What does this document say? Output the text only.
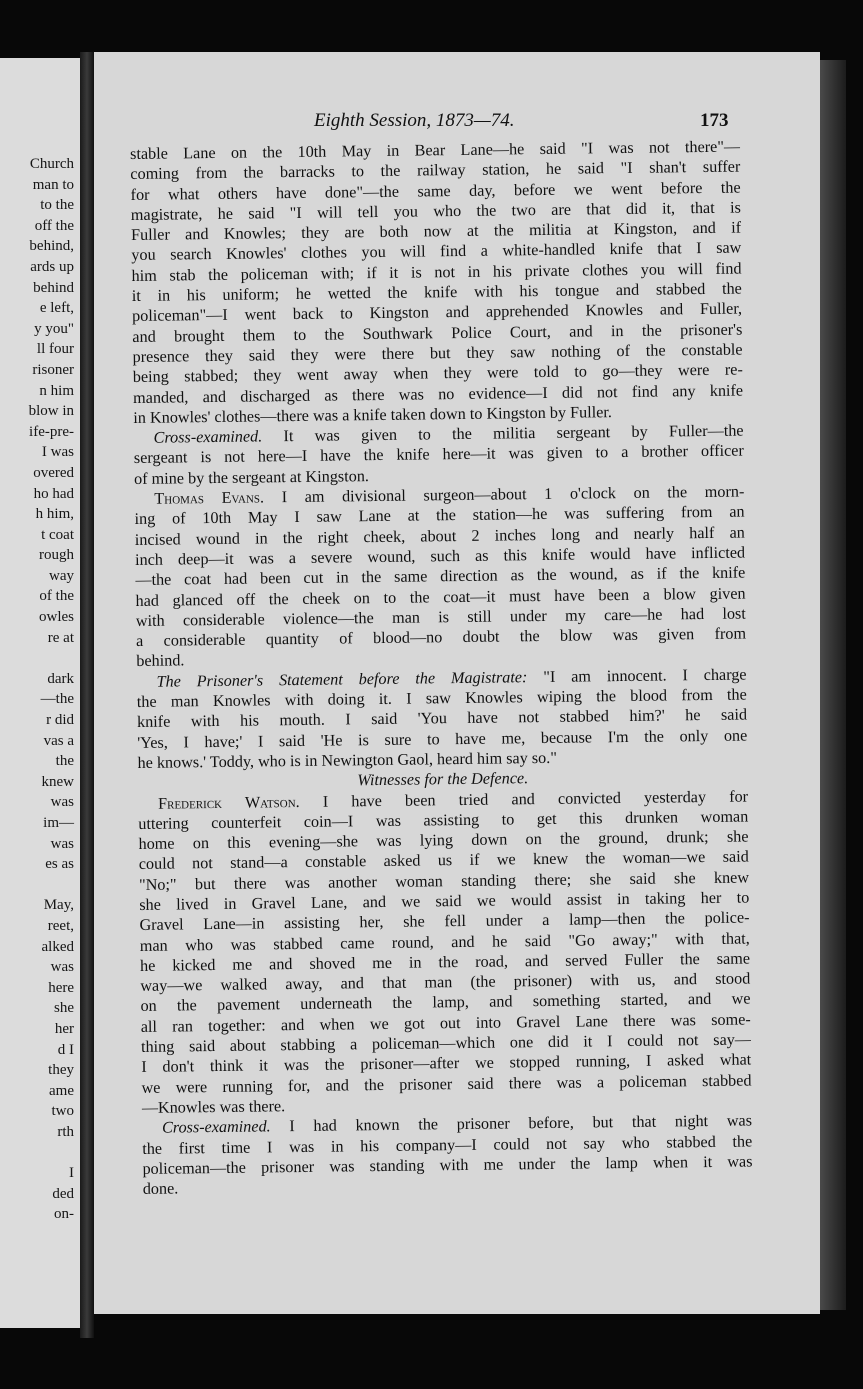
Church
man to
to the
off the
behind,
ards up
behind
e left,
y you"
ll four
risoner
n him
blow in
ife-pre-
I was
overed
ho had
h him,
t coat
rough
way
of the
owles
re at
dark
—the
r did
vas a
the
knew
was
im—
was
es as
May,
reet,
alked
was
here
she
her
d I
they
ame
two
rth
I
ded
on-
Eighth Session, 1873—74.	173
stable Lane on the 10th May in Bear Lane—he said "I was not there"—
coming from the barracks to the railway station, he said "I shan't suffer
for what others have done"—the same day, before we went before the
magistrate, he said "I will tell you who the two are that did it, that is
Fuller and Knowles; they are both now at the militia at Kingston, and if
you search Knowles' clothes you will find a white-handled knife that I saw
him stab the policeman with; if it is not in his private clothes you will find
it in his uniform; he wetted the knife with his tongue and stabbed the
policeman"—I went back to Kingston and apprehended Knowles and Fuller,
and brought them to the Southwark Police Court, and in the prisoner's
presence they said they were there but they saw nothing of the constable
being stabbed; they went away when they were told to go—they were re-
manded, and discharged as there was no evidence—I did not find any knife
in Knowles' clothes—there was a knife taken down to Kingston by Fuller.
Cross-examined. It was given to the militia sergeant by Fuller—the
sergeant is not here—I have the knife here—it was given to a brother officer
of mine by the sergeant at Kingston.
Thomas Evans. I am divisional surgeon—about 1 o'clock on the morn-
ing of 10th May I saw Lane at the station—he was suffering from an
incised wound in the right cheek, about 2 inches long and nearly half an
inch deep—it was a severe wound, such as this knife would have inflicted
—the coat had been cut in the same direction as the wound, as if the knife
had glanced off the cheek on to the coat—it must have been a blow given
with considerable violence—the man is still under my care—he had lost
a considerable quantity of blood—no doubt the blow was given from
behind.
The Prisoner's Statement before the Magistrate: "I am innocent. I charge
the man Knowles with doing it. I saw Knowles wiping the blood from the
knife with his mouth. I said 'You have not stabbed him?' he said
'Yes, I have;' I said 'He is sure to have me, because I'm the only one
he knows.' Toddy, who is in Newington Gaol, heard him say so."
Witnesses for the Defence.
Frederick Watson. I have been tried and convicted yesterday for
uttering counterfeit coin—I was assisting to get this drunken woman
home on this evening—she was lying down on the ground, drunk; she
could not stand—a constable asked us if we knew the woman—we said
"No;" but there was another woman standing there; she said she knew
she lived in Gravel Lane, and we said we would assist in taking her to
Gravel Lane—in assisting her, she fell under a lamp—then the police-
man who was stabbed came round, and he said "Go away;" with that,
he kicked me and shoved me in the road, and served Fuller the same
way—we walked away, and that man (the prisoner) with us, and stood
on the pavement underneath the lamp, and something started, and we
all ran together: and when we got out into Gravel Lane there was some-
thing said about stabbing a policeman—which one did it I could not say—
I don't think it was the prisoner—after we stopped running, I asked what
we were running for, and the prisoner said there was a policeman stabbed
—Knowles was there.
Cross-examined. I had known the prisoner before, but that night was
the first time I was in his company—I could not say who stabbed the
policeman—the prisoner was standing with me under the lamp when it was
done.
